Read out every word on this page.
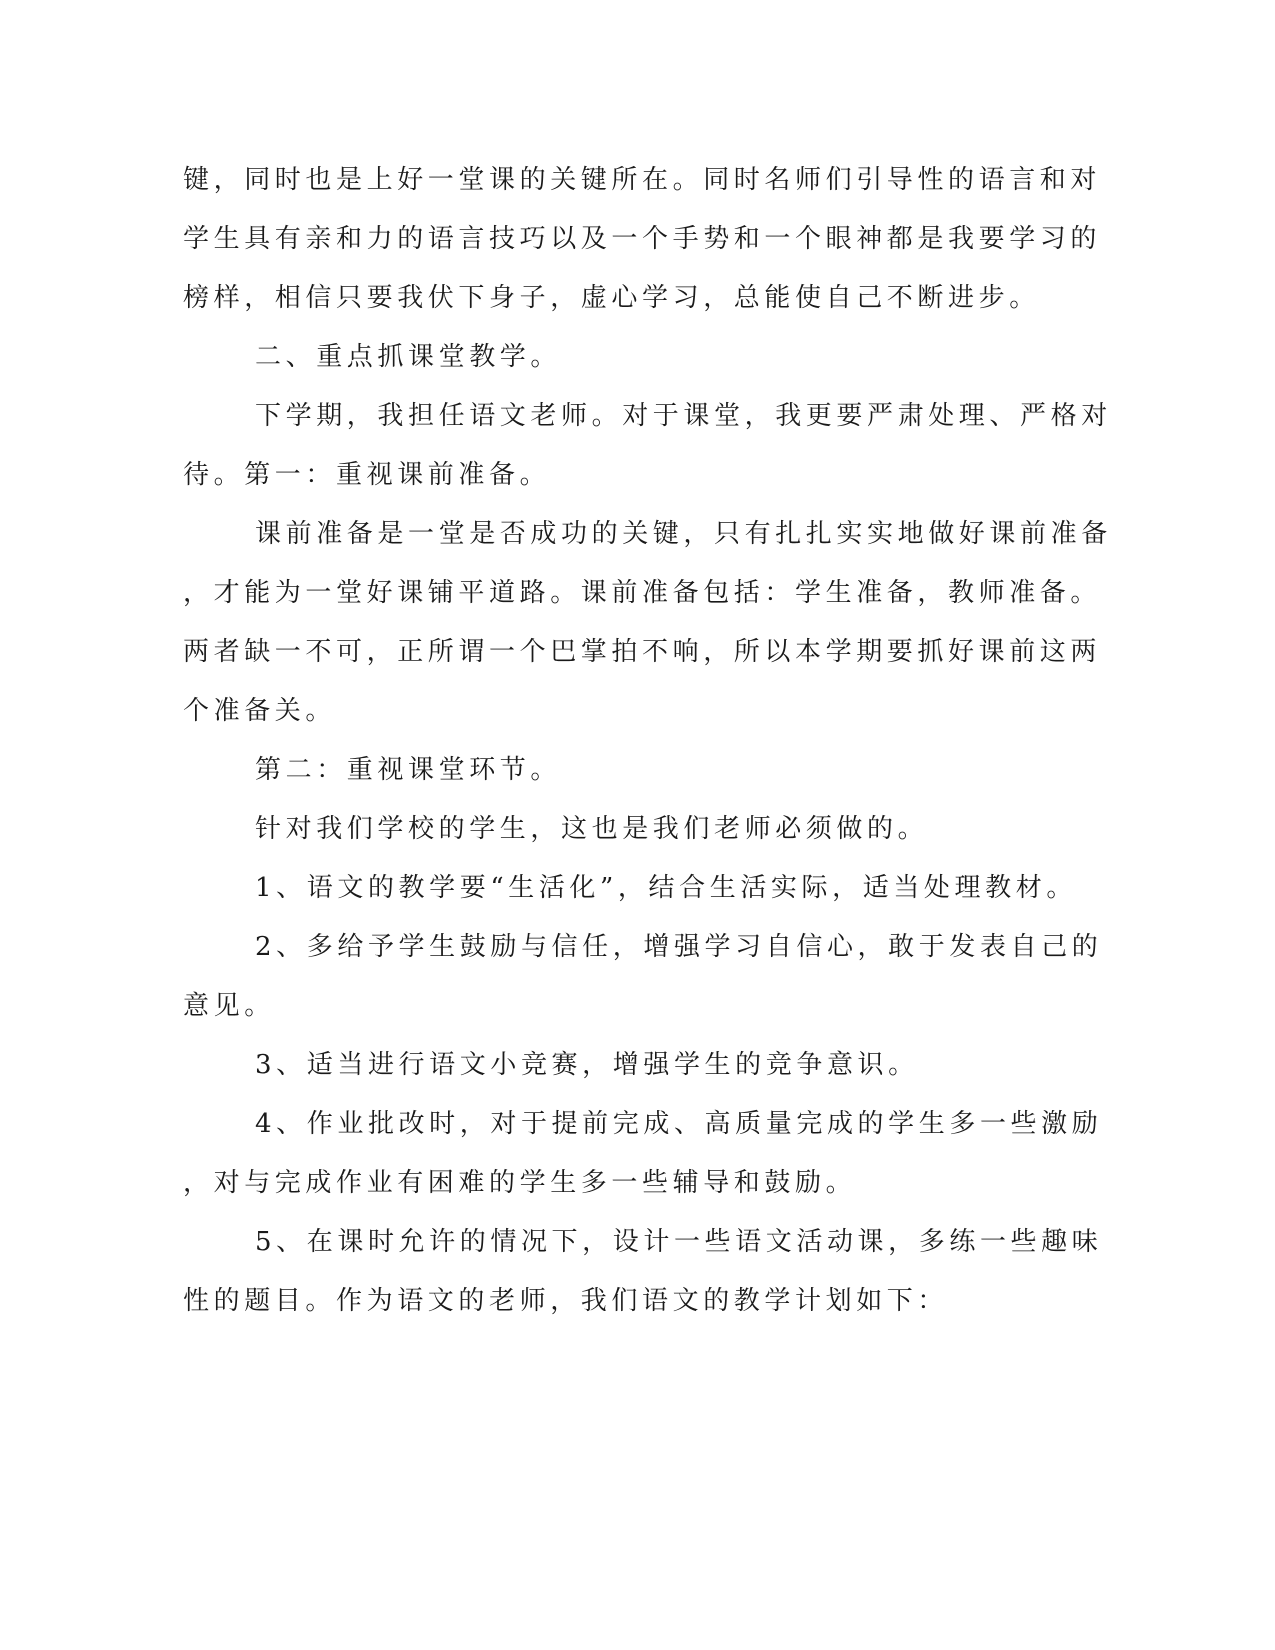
键，同时也是上好一堂课的关键所在。同时名师们引导性的语言和对
学生具有亲和力的语言技巧以及一个手势和一个眼神都是我要学习的
榜样，相信只要我伏下身子，虚心学习，总能使自己不断进步。
二、重点抓课堂教学。
下学期，我担任语文老师。对于课堂，我更要严肃处理、严格对
待。第一：重视课前准备。
课前准备是一堂是否成功的关键，只有扎扎实实地做好课前准备
，才能为一堂好课铺平道路。课前准备包括：学生准备，教师准备。
两者缺一不可，正所谓一个巴掌拍不响，所以本学期要抓好课前这两
个准备关。
第二：重视课堂环节。
针对我们学校的学生，这也是我们老师必须做的。
1、语文的教学要“生活化”，结合生活实际，适当处理教材。
2、多给予学生鼓励与信任，增强学习自信心，敢于发表自己的
意见。
3、适当进行语文小竞赛，增强学生的竞争意识。
4、作业批改时，对于提前完成、高质量完成的学生多一些激励
，对与完成作业有困难的学生多一些辅导和鼓励。
5、在课时允许的情况下，设计一些语文活动课，多练一些趣味
性的题目。作为语文的老师，我们语文的教学计划如下：
